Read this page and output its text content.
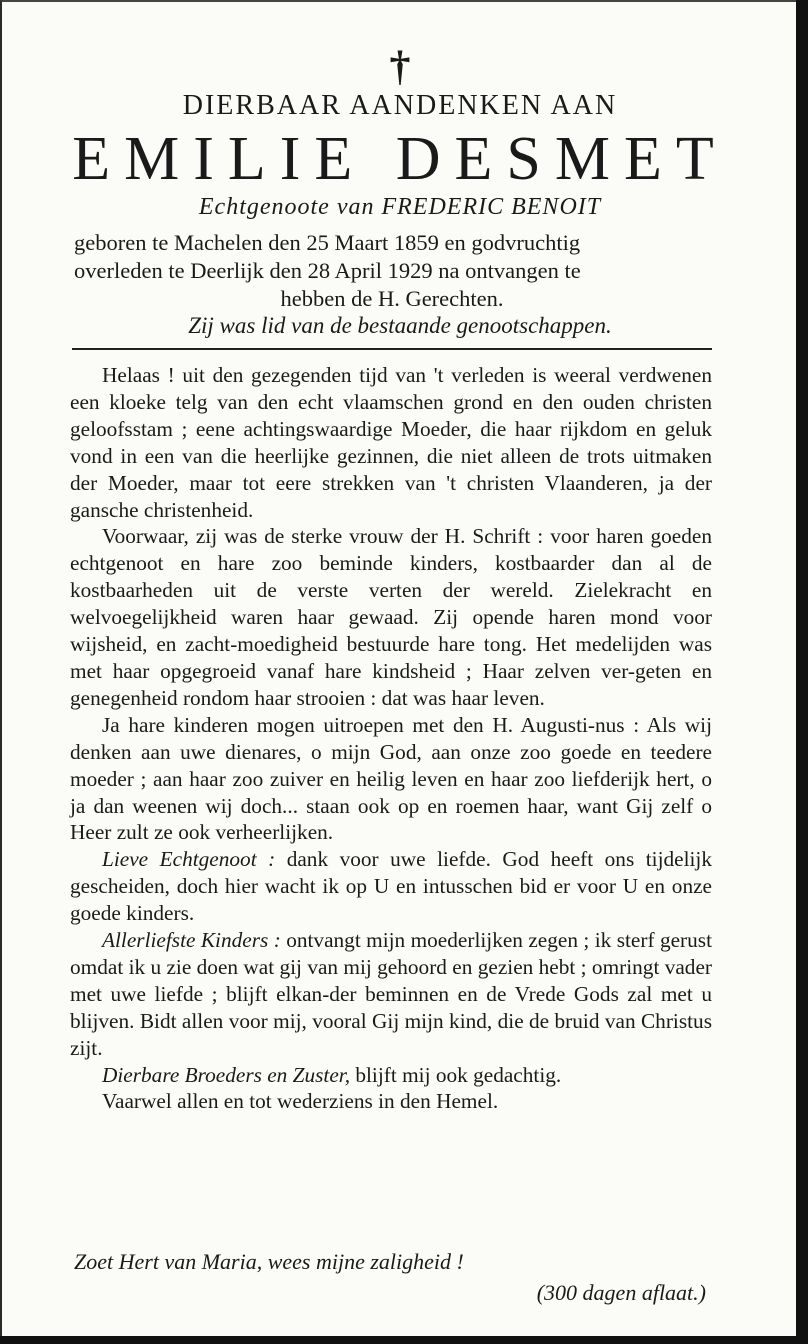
†
DIERBAAR AANDENKEN AAN
EMILIE DESMET
Echtgenoote van FREDERIC BENOIT

geboren te Machelen den 25 Maart 1859 en godvruchtig

overleden te Deerlijk den 28 April 1929 na ontvangen te

hebben de H. Gerechten.

Zij was lid van de bestaande genootschappen.

Helaas ! uit den gezegenden tijd van 't verleden is weeral verdwenen een kloeke telg van den echt vlaamschen grond en den ouden christen geloofsstam ; eene achtingswaardige Moeder, die haar rijkdom en geluk vond in een van die heerlijke gezinnen, die niet alleen de trots uitmaken der Moeder, maar tot eere strekken van 't christen Vlaanderen, ja der gansche christenheid.

Voorwaar, zij was de sterke vrouw der H. Schrift : voor haren goeden echtgenoot en hare zoo beminde kinders, kostbaarder dan al de kostbaarheden uit de verste verten der wereld. Zielekracht en welvoegelijkheid waren haar gewaad. Zij opende haren mond voor wijsheid, en zacht-moedigheid bestuurde hare tong. Het medelijden was met haar opgegroeid vanaf hare kindsheid ; Haar zelven ver-geten en genegenheid rondom haar strooien : dat was haar leven.

Ja hare kinderen mogen uitroepen met den H. Augusti-nus : Als wij denken aan uwe dienares, o mijn God, aan onze zoo goede en teedere moeder ; aan haar zoo zuiver en heilig leven en haar zoo liefderijk hert, o ja dan weenen wij doch... staan ook op en roemen haar, want Gij zelf o Heer zult ze ook verheerlijken.

Lieve Echtgenoot : dank voor uwe liefde. God heeft ons tijdelijk gescheiden, doch hier wacht ik op U en intusschen bid er voor U en onze goede kinders.

Allerliefste Kinders : ontvangt mijn moederlijken zegen ; ik sterf gerust omdat ik u zie doen wat gij van mij gehoord en gezien hebt ; omringt vader met uwe liefde ; blijft elkan-der beminnen en de Vrede Gods zal met u blijven. Bidt allen voor mij, vooral Gij mijn kind, die de bruid van Christus zijt.

Dierbare Broeders en Zuster, blijft mij ook gedachtig.

Vaarwel allen en tot wederziens in den Hemel.

Zoet Hert van Maria, wees mijne zaligheid !
(300 dagen aflaat.)
